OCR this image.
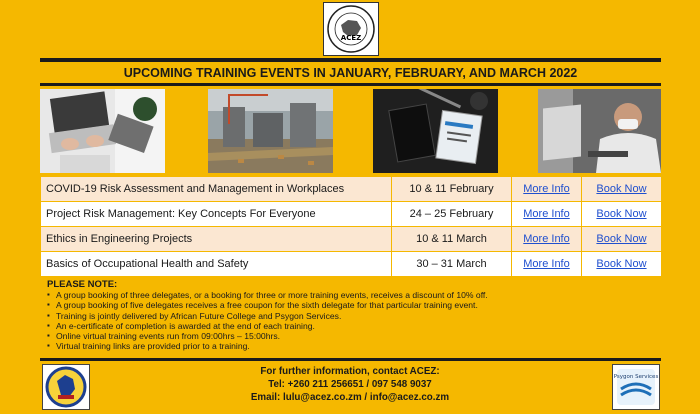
ACEZ
UPCOMING TRAINING EVENTS IN JANUARY, FEBRUARY, AND MARCH 2022
COVID-19 Risk Assessment and Management in Workplaces	10 & 11 February	More Info	Book Now
Project Risk Management: Key Concepts For Everyone	24 – 25 February	More Info	Book Now
Ethics in Engineering Projects	10 & 11 March	More Info	Book Now
Basics of Occupational Health and Safety	30 – 31 March	More Info	Book Now
PLEASE NOTE:
▪ A group booking of three delegates, or a booking for three or more training events, receives a discount of 10% off.
▪ A group booking of five delegates receives a free coupon for the sixth delegate for that particular training event.
▪ Training is jointly delivered by African Future College and Psygon Services.
▪ An e-certificate of completion is awarded at the end of each training.
▪ Online virtual training events run from 09:00hrs – 15:00hrs.
▪ Virtual training links are provided prior to a training.
For further information, contact ACEZ:
Tel: +260 211 256651 / 097 548 9037
Email: lulu@acez.co.zm / info@acez.co.zm
Psygon Services
